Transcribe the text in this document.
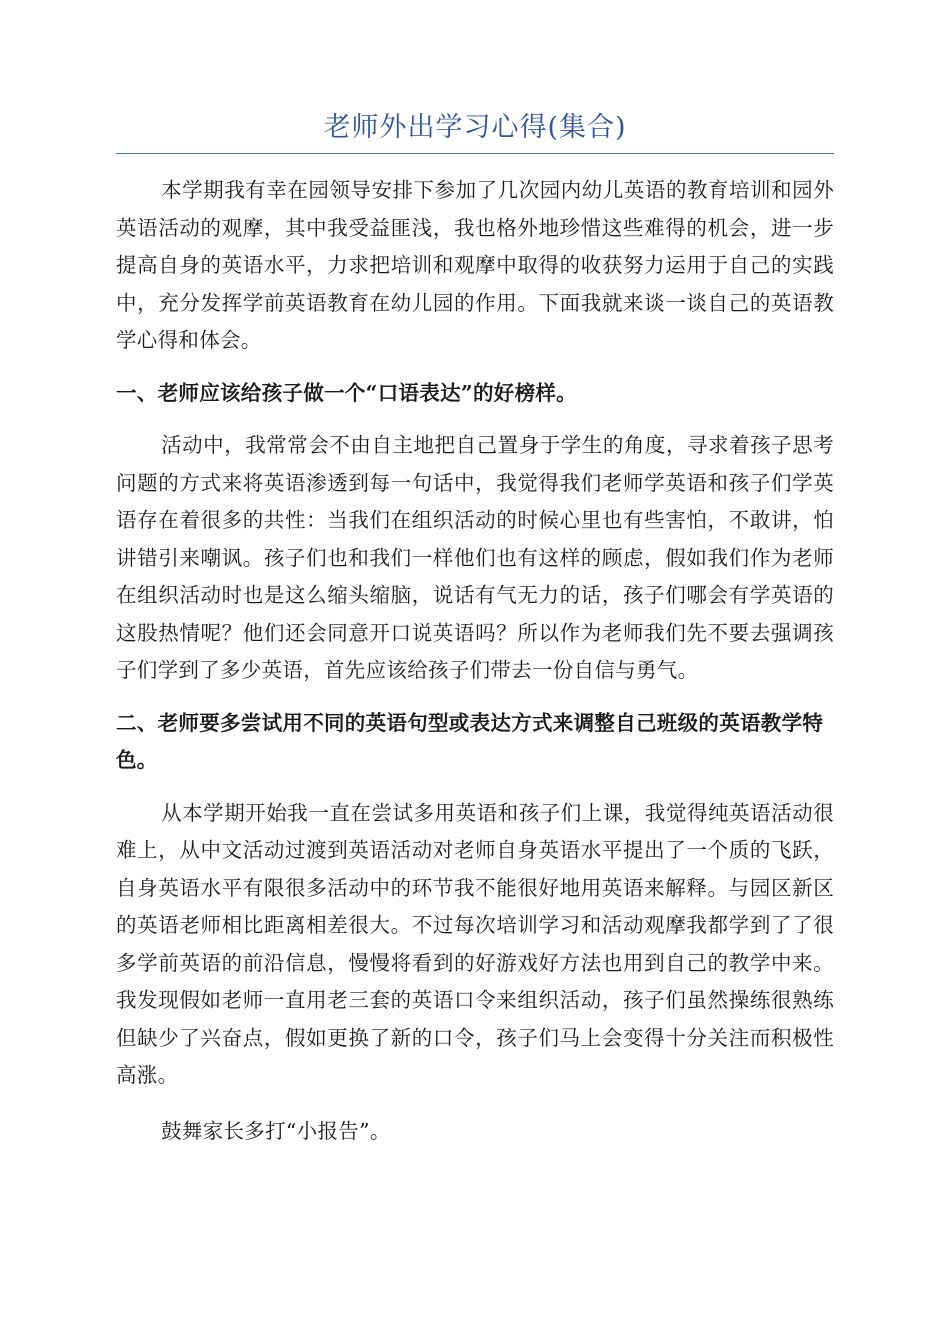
老师外出学习心得(集合)

本学期我有幸在园领导安排下参加了几次园内幼儿英语的教育培训和园外英语活动的观摩，其中我受益匪浅，我也格外地珍惜这些难得的机会，进一步提高自身的英语水平，力求把培训和观摩中取得的收获努力运用于自己的实践中，充分发挥学前英语教育在幼儿园的作用。下面我就来谈一谈自己的英语教学心得和体会。

一、老师应该给孩子做一个“口语表达”的好榜样。

活动中，我常常会不由自主地把自己置身于学生的角度，寻求着孩子思考问题的方式来将英语渗透到每一句话中，我觉得我们老师学英语和孩子们学英语存在着很多的共性：当我们在组织活动的时候心里也有些害怕，不敢讲，怕讲错引来嘲讽。孩子们也和我们一样他们也有这样的顾虑，假如我们作为老师在组织活动时也是这么缩头缩脑，说话有气无力的话，孩子们哪会有学英语的这股热情呢？他们还会同意开口说英语吗？所以作为老师我们先不要去强调孩子们学到了多少英语，首先应该给孩子们带去一份自信与勇气。

二、老师要多尝试用不同的英语句型或表达方式来调整自己班级的英语教学特色。

从本学期开始我一直在尝试多用英语和孩子们上课，我觉得纯英语活动很难上，从中文活动过渡到英语活动对老师自身英语水平提出了一个质的飞跃，自身英语水平有限很多活动中的环节我不能很好地用英语来解释。与园区新区的英语老师相比距离相差很大。不过每次培训学习和活动观摩我都学到了了很多学前英语的前沿信息，慢慢将看到的好游戏好方法也用到自己的教学中来。我发现假如老师一直用老三套的英语口令来组织活动，孩子们虽然操练很熟练但缺少了兴奋点，假如更换了新的口令，孩子们马上会变得十分关注而积极性高涨。

鼓舞家长多打“小报告”。
